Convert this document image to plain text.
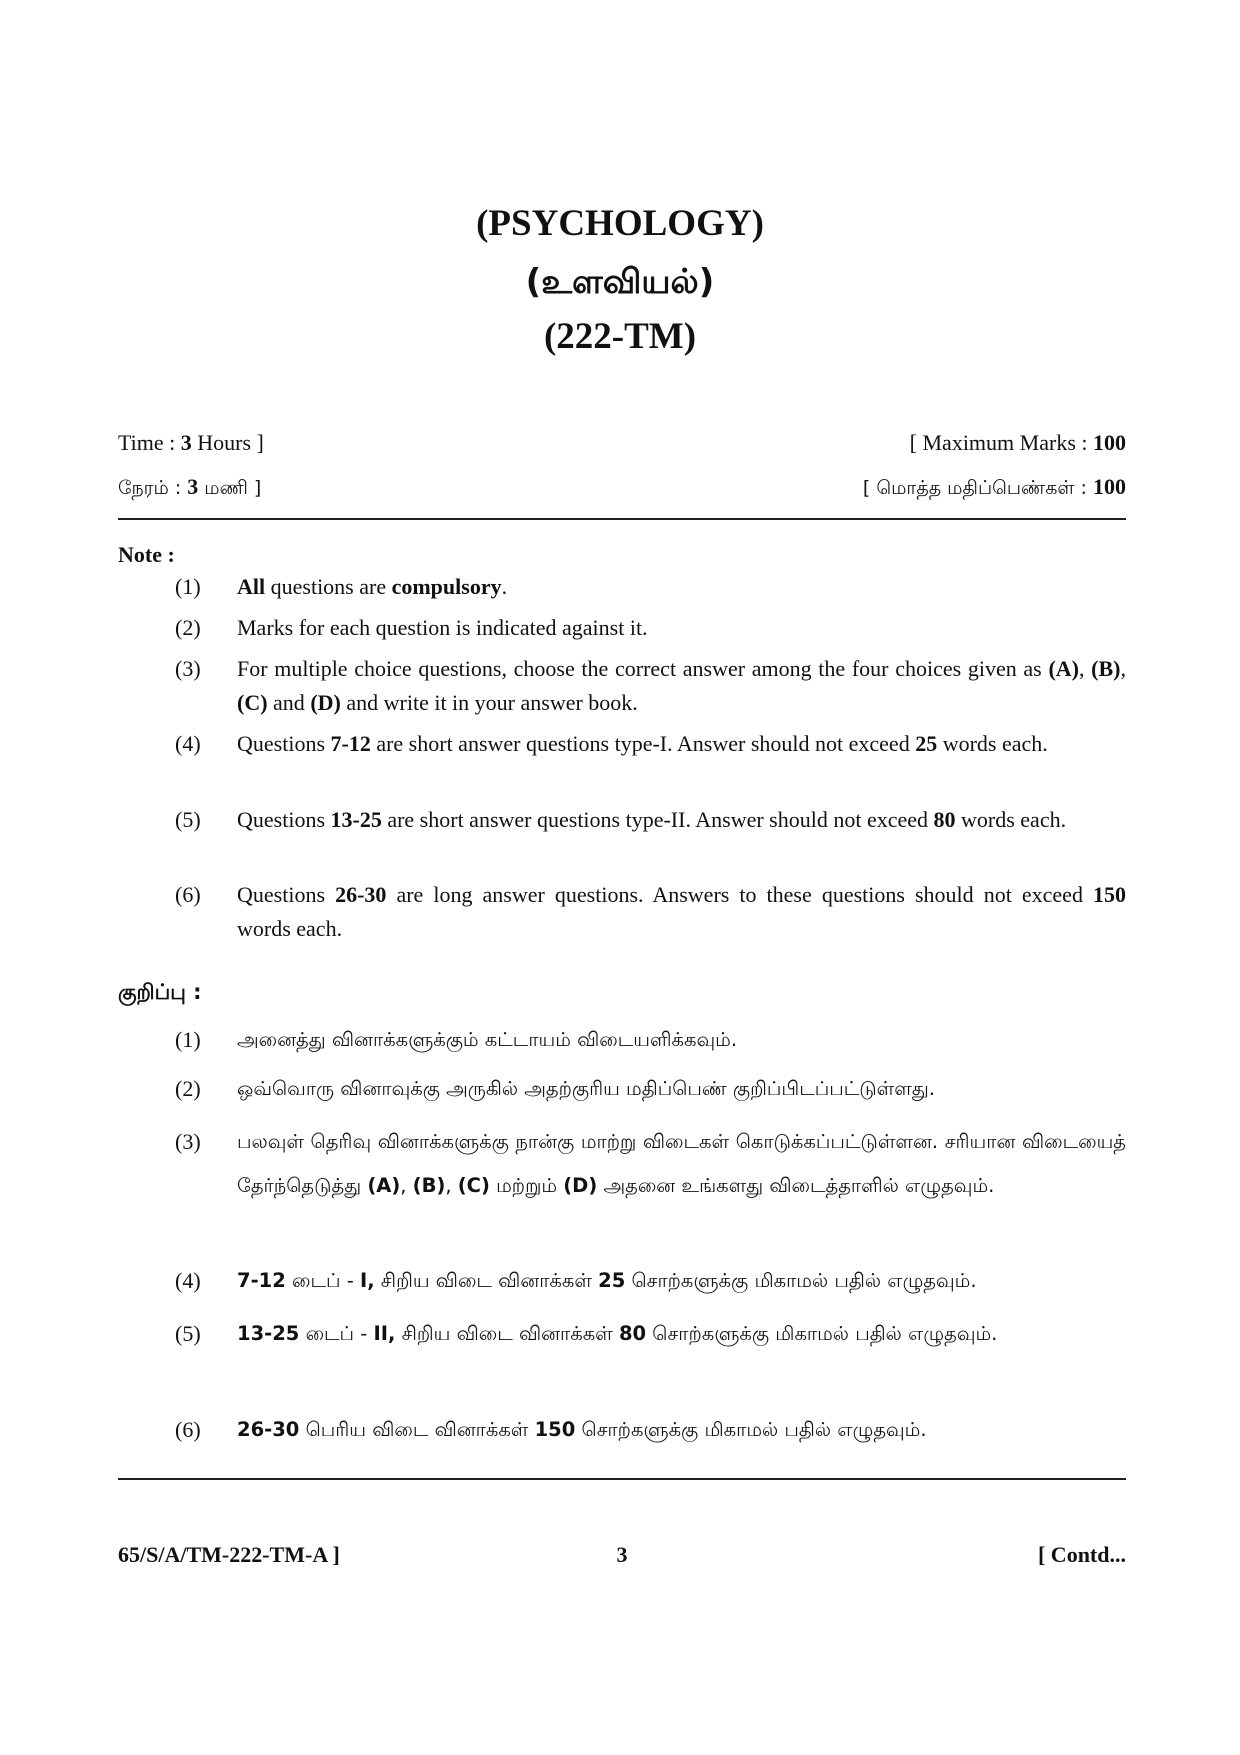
(PSYCHOLOGY)
(உளவியல்)
(222-TM)
Time : 3 Hours ]	[ Maximum Marks : 100
நேரம் : 3 மணி ]	[ மொத்த மதிப்பெண்கள் : 100
Note :
(1) All questions are compulsory.
(2) Marks for each question is indicated against it.
(3) For multiple choice questions, choose the correct answer among the four choices given as (A), (B), (C) and (D) and write it in your answer book.
(4) Questions 7-12 are short answer questions type-I. Answer should not exceed 25 words each.
(5) Questions 13-25 are short answer questions type-II. Answer should not exceed 80 words each.
(6) Questions 26-30 are long answer questions. Answers to these questions should not exceed 150 words each.
குறிப்பு :
(1) அனைத்து வினாக்களுக்கும் கட்டாயம் விடையளிக்கவும்.
(2) ஒவ்வொரு வினாவுக்கு அருகில் அதற்குரிய மதிப்பெண் குறிப்பிடப்பட்டுள்ளது.
(3) பலவுள் தெரிவு வினாக்களுக்கு நான்கு மாற்று விடைகள் கொடுக்கப்பட்டுள்ளன. சரியான விடையைத் தேர்ந்தெடுத்து (A), (B), (C) மற்றும் (D) அதனை உங்களது விடைத்தாளில் எழுதவும்.
(4) 7-12 டைப் - I, சிறிய விடை வினாக்கள் 25 சொற்களுக்கு மிகாமல் பதில் எழுதவும்.
(5) 13-25 டைப் - II, சிறிய விடை வினாக்கள் 80 சொற்களுக்கு மிகாமல் பதில் எழுதவும்.
(6) 26-30 பெரிய விடை வினாக்கள் 150 சொற்களுக்கு மிகாமல் பதில் எழுதவும்.
65/S/A/TM-222-TM-A ]	3	[ Contd...
